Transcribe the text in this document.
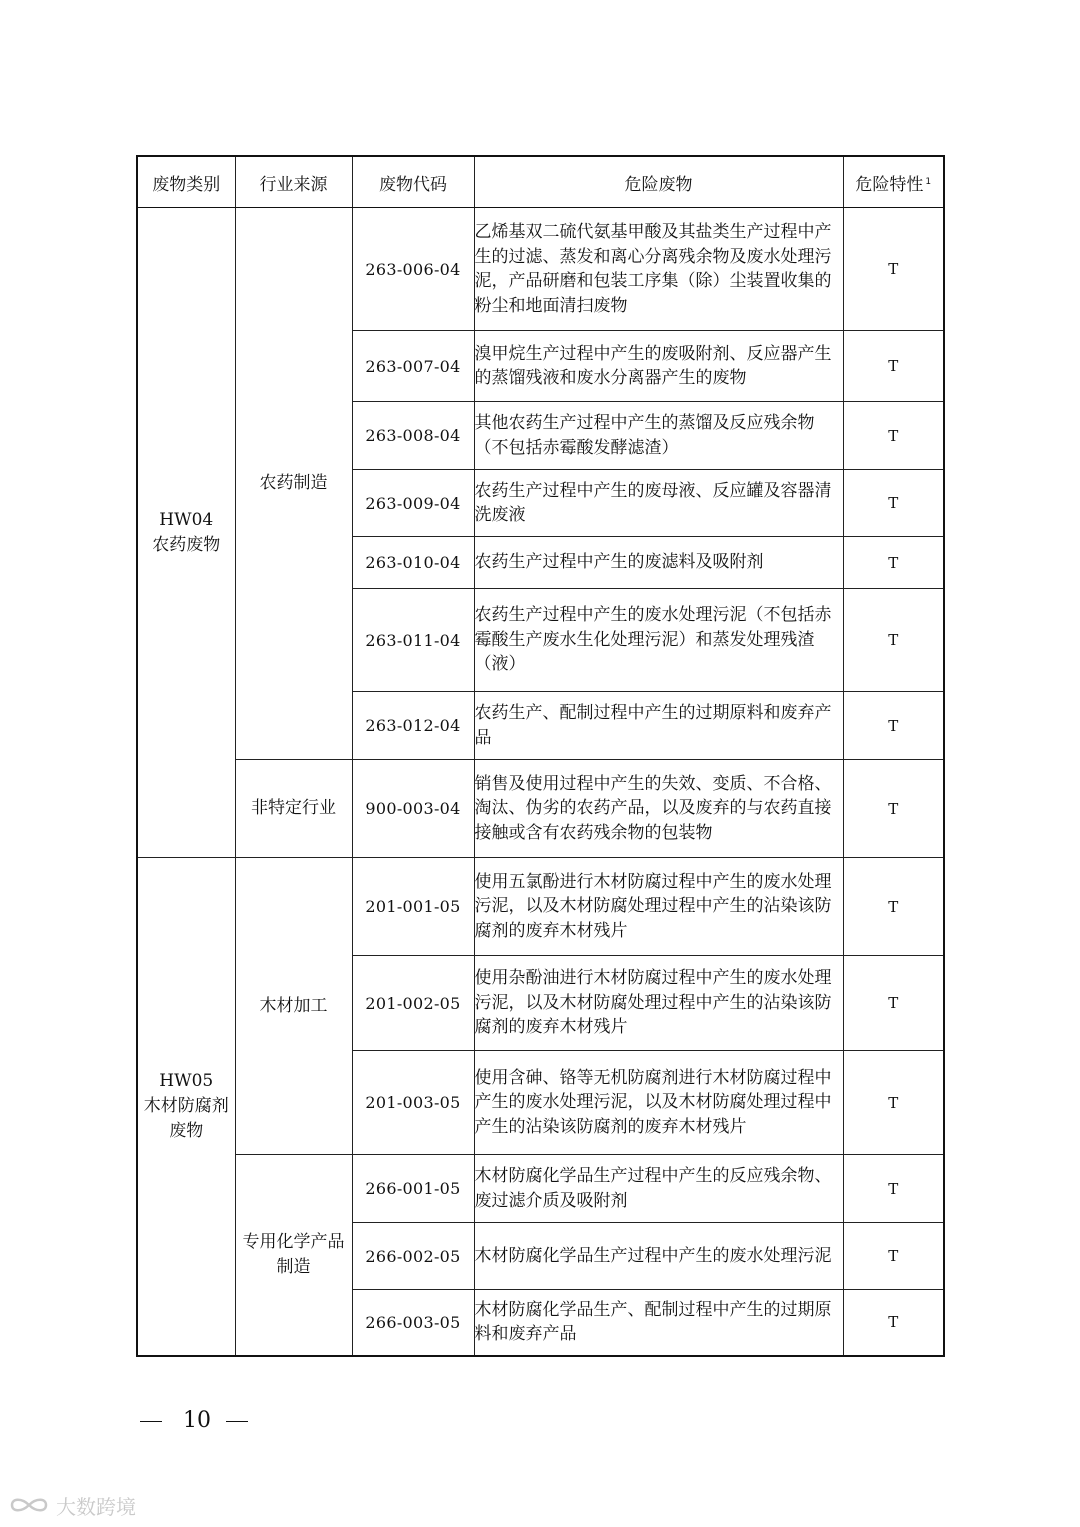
废物类别	行业来源	废物代码	危险废物	危险特性 $^1$

HW04
农药废物	农药制造	263-006-04	乙烯基双二硫代氨基甲酸及其盐类生产过程中产生的过滤、蒸发和离心分离残余物及废水处理污泥，产品研磨和包装工序集（除）尘装置收集的粉尘和地面清扫废物	T
		263-007-04	溴甲烷生产过程中产生的废吸附剂、反应器产生的蒸馏残液和废水分离器产生的废物	T
		263-008-04	其他农药生产过程中产生的蒸馏及反应残余物（不包括赤霉酸发酵滤渣）	T
		263-009-04	农药生产过程中产生的废母液、反应罐及容器清洗废液	T
		263-010-04	农药生产过程中产生的废滤料及吸附剂	T
		263-011-04	农药生产过程中产生的废水处理污泥（不包括赤霉酸生产废水生化处理污泥）和蒸发处理残渣（液）	T
		263-012-04	农药生产、配制过程中产生的过期原料和废弃产品	T
	非特定行业	900-003-04	销售及使用过程中产生的失效、变质、不合格、淘汰、伪劣的农药产品，以及废弃的与农药直接接触或含有农药残余物的包装物	T

HW05
木材防腐剂废物	木材加工	201-001-05	使用五氯酚进行木材防腐过程中产生的废水处理污泥，以及木材防腐处理过程中产生的沾染该防腐剂的废弃木材残片	T
		201-002-05	使用杂酚油进行木材防腐过程中产生的废水处理污泥，以及木材防腐处理过程中产生的沾染该防腐剂的废弃木材残片	T
		201-003-05	使用含砷、铬等无机防腐剂进行木材防腐过程中产生的废水处理污泥，以及木材防腐处理过程中产生的沾染该防腐剂的废弃木材残片	T
	专用化学产品制造	266-001-05	木材防腐化学品生产过程中产生的反应残余物、废过滤介质及吸附剂	T
		266-002-05	木材防腐化学品生产过程中产生的废水处理污泥	T
		266-003-05	木材防腐化学品生产、配制过程中产生的过期原料和废弃产品	T
10
大数跨境
